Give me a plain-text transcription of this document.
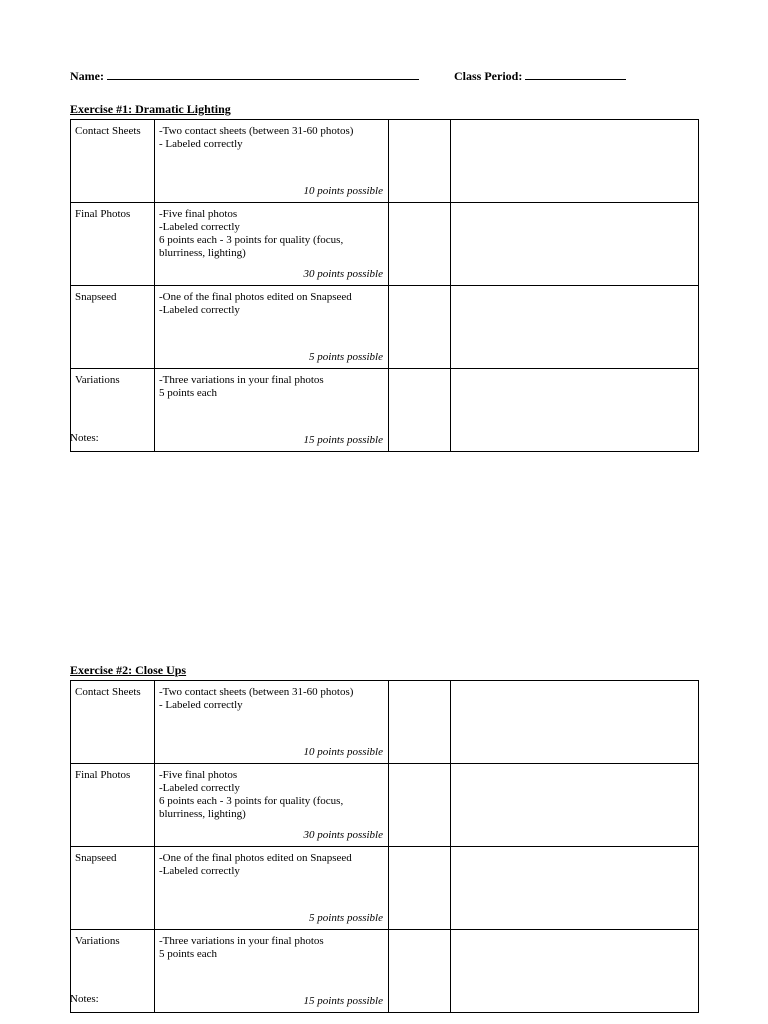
Name:	Class Period:
Exercise #1: Dramatic Lighting
Contact Sheets	-Two contact sheets (between 31-60 photos)
- Labeled correctly
10 points possible		

Final Photos	-Five final photos
-Labeled correctly
6 points each - 3 points for quality (focus,
blurriness, lighting)
30 points possible		

Snapseed	-One of the final photos edited on Snapseed
-Labeled correctly
5 points possible		

Variations	-Three variations in your final photos
5 points each
15 points possible		

Notes:
Exercise #2: Close Ups
Contact Sheets	-Two contact sheets (between 31-60 photos)
- Labeled correctly
10 points possible		

Final Photos	-Five final photos
-Labeled correctly
6 points each - 3 points for quality (focus,
blurriness, lighting)
30 points possible		

Snapseed	-One of the final photos edited on Snapseed
-Labeled correctly
5 points possible		

Variations	-Three variations in your final photos
5 points each
15 points possible		

Notes:
